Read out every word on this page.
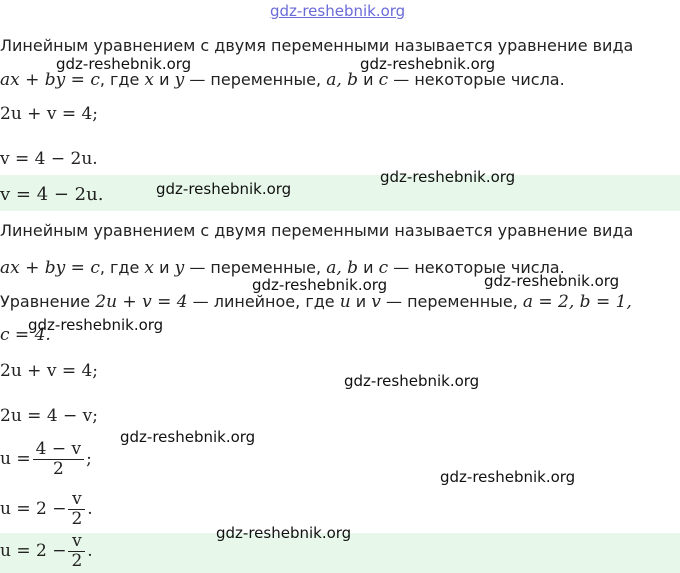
gdz-reshebnik.org
Линейным уравнением с двумя переменными называется уравнение вида
ax + by = c, где x и y — переменные, a, b и c — некоторые числа.
2u + v = 4;
v = 4 − 2u.
v = 4 − 2u.
Линейным уравнением с двумя переменными называется уравнение вида
ax + by = c, где x и y — переменные, a, b и c — некоторые числа.
Уравнение 2u + v = 4 — линейное, где u и v — переменные, a = 2, b = 1,
c = 4.
2u + v = 4;
2u = 4 − v;
$u = \frac{4 - v}{2}$ ;
$u = 2 - \frac{v}{2}$ .
$u = 2 - \frac{v}{2}$ .
gdz-reshebnik.org	gdz-reshebnik.org
gdz-reshebnik.org
gdz-reshebnik.org
gdz-reshebnik.org
gdz-reshebnik.org
gdz-reshebnik.org
gdz-reshebnik.org
gdz-reshebnik.org
gdz-reshebnik.org
gdz-reshebnik.org
